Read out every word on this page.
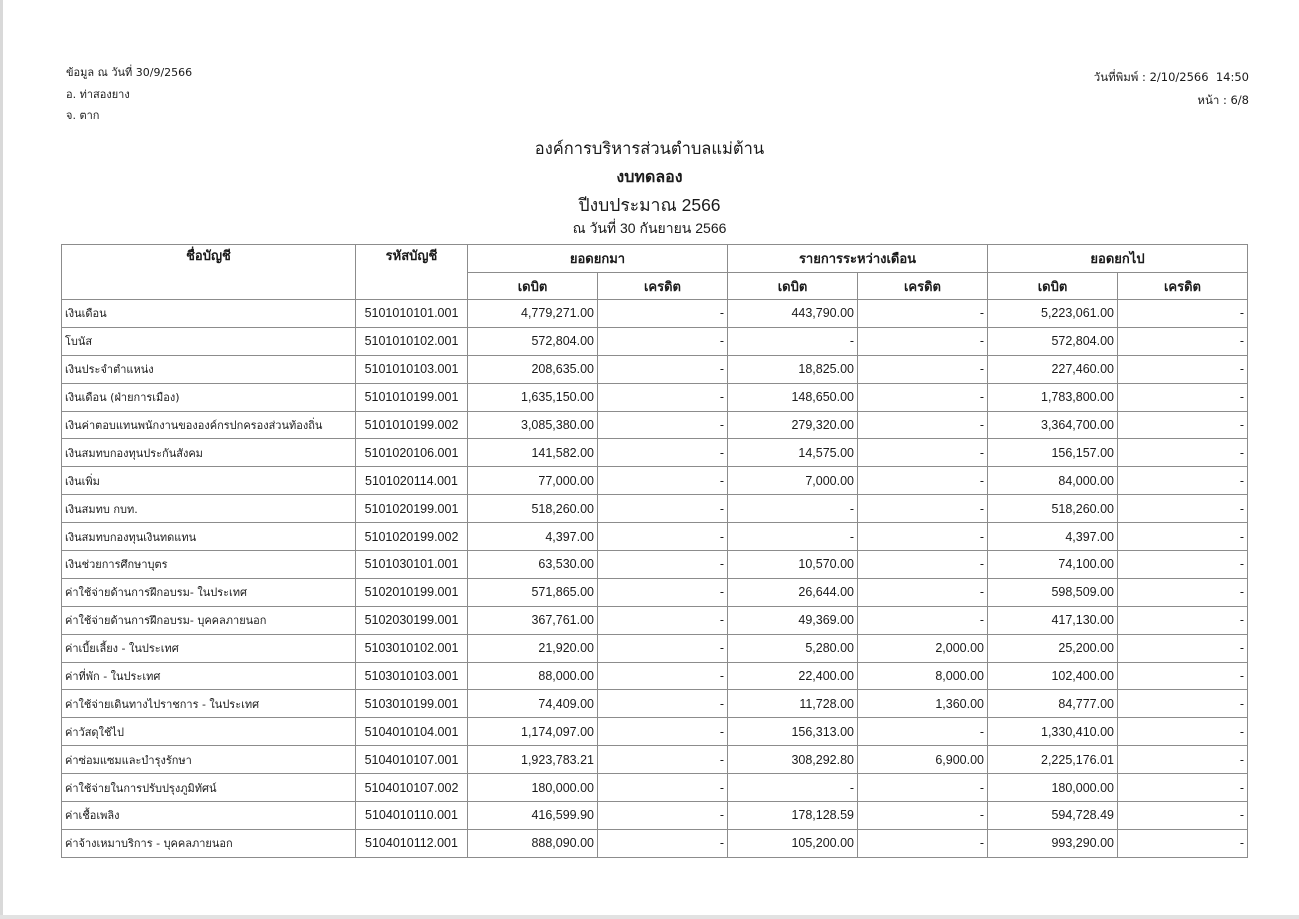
ข้อมูล ณ วันที่ 30/9/2566
อ. ท่าสองยาง
จ. ตาก
วันที่พิมพ์ : 2/10/2566  14:50
หน้า : 6/8
องค์การบริหารส่วนตำบลแม่ต้าน
งบทดลอง
ปีงบประมาณ 2566
ณ วันที่ 30 กันยายน 2566
ชื่อบัญชี	รหัสบัญชี	ยอดยกมา		รายการระหว่างเดือน		ยอดยกไป	
		เดบิต	เครดิต	เดบิต	เครดิต	เดบิต	เครดิต
เงินเดือน	5101010101.001	4,779,271.00	-	443,790.00	-	5,223,061.00	-
โบนัส	5101010102.001	572,804.00	-	-	-	572,804.00	-
เงินประจำตำแหน่ง	5101010103.001	208,635.00	-	18,825.00	-	227,460.00	-
เงินเดือน (ฝ่ายการเมือง)	5101010199.001	1,635,150.00	-	148,650.00	-	1,783,800.00	-
เงินค่าตอบแทนพนักงานขององค์กรปกครองส่วนท้องถิ่น	5101010199.002	3,085,380.00	-	279,320.00	-	3,364,700.00	-
เงินสมทบกองทุนประกันสังคม	5101020106.001	141,582.00	-	14,575.00	-	156,157.00	-
เงินเพิ่ม	5101020114.001	77,000.00	-	7,000.00	-	84,000.00	-
เงินสมทบ กบท.	5101020199.001	518,260.00	-	-	-	518,260.00	-
เงินสมทบกองทุนเงินทดแทน	5101020199.002	4,397.00	-	-	-	4,397.00	-
เงินช่วยการศึกษาบุตร	5101030101.001	63,530.00	-	10,570.00	-	74,100.00	-
ค่าใช้จ่ายด้านการฝึกอบรม- ในประเทศ	5102010199.001	571,865.00	-	26,644.00	-	598,509.00	-
ค่าใช้จ่ายด้านการฝึกอบรม- บุคคลภายนอก	5102030199.001	367,761.00	-	49,369.00	-	417,130.00	-
ค่าเบี้ยเลี้ยง - ในประเทศ	5103010102.001	21,920.00	-	5,280.00	2,000.00	25,200.00	-
ค่าที่พัก - ในประเทศ	5103010103.001	88,000.00	-	22,400.00	8,000.00	102,400.00	-
ค่าใช้จ่ายเดินทางไปราชการ - ในประเทศ	5103010199.001	74,409.00	-	11,728.00	1,360.00	84,777.00	-
ค่าวัสดุใช้ไป	5104010104.001	1,174,097.00	-	156,313.00	-	1,330,410.00	-
ค่าซ่อมแซมและบำรุงรักษา	5104010107.001	1,923,783.21	-	308,292.80	6,900.00	2,225,176.01	-
ค่าใช้จ่ายในการปรับปรุงภูมิทัศน์	5104010107.002	180,000.00	-	-	-	180,000.00	-
ค่าเชื้อเพลิง	5104010110.001	416,599.90	-	178,128.59	-	594,728.49	-
ค่าจ้างเหมาบริการ - บุคคลภายนอก	5104010112.001	888,090.00	-	105,200.00	-	993,290.00	-
